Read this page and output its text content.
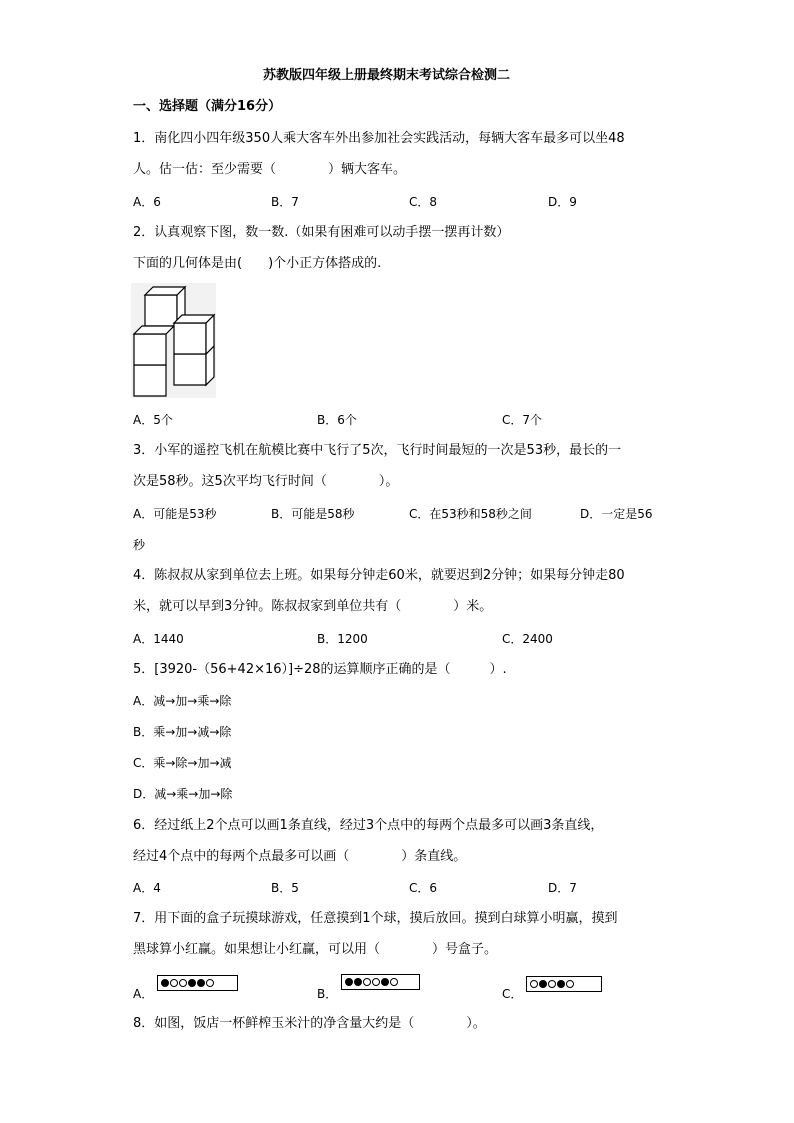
苏教版四年级上册最终期末考试综合检测二
一、选择题（满分16分）
1．南化四小四年级350人乘大客车外出参加社会实践活动，每辆大客车最多可以坐48
人。估一估：至少需要（　　　　）辆大客车。
A．6	B．7	C．8	D．9
2．认真观察下图，数一数.（如果有困难可以动手摆一摆再计数）
下面的几何体是由(　　)个小正方体搭成的.
A．5个	B．6个	C．7个
3．小军的遥控飞机在航模比赛中飞行了5次，飞行时间最短的一次是53秒，最长的一
次是58秒。这5次平均飞行时间（　　　　）。
A．可能是53秒	B．可能是58秒	C．在53秒和58秒之间	D．一定是56
秒
4．陈叔叔从家到单位去上班。如果每分钟走60米，就要迟到2分钟；如果每分钟走80
米，就可以早到3分钟。陈叔叔家到单位共有（　　　　）米。
A．1440	B．1200	C．2400
5．[3920-（56+42×16）]÷28的运算顺序正确的是（　　　）.
A．减→加→乘→除
B．乘→加→减→除
C．乘→除→加→减
D．减→乘→加→除
6．经过纸上2个点可以画1条直线，经过3个点中的每两个点最多可以画3条直线，
经过4个点中的每两个点最多可以画（　　　　）条直线。
A．4	B．5	C．6	D．7
7．用下面的盒子玩摸球游戏，任意摸到1个球，摸后放回。摸到白球算小明赢，摸到
黑球算小红赢。如果想让小红赢，可以用（　　　　）号盒子。
A．	B．	C．
8．如图，饭店一杯鲜榨玉米汁的净含量大约是（　　　　）。
